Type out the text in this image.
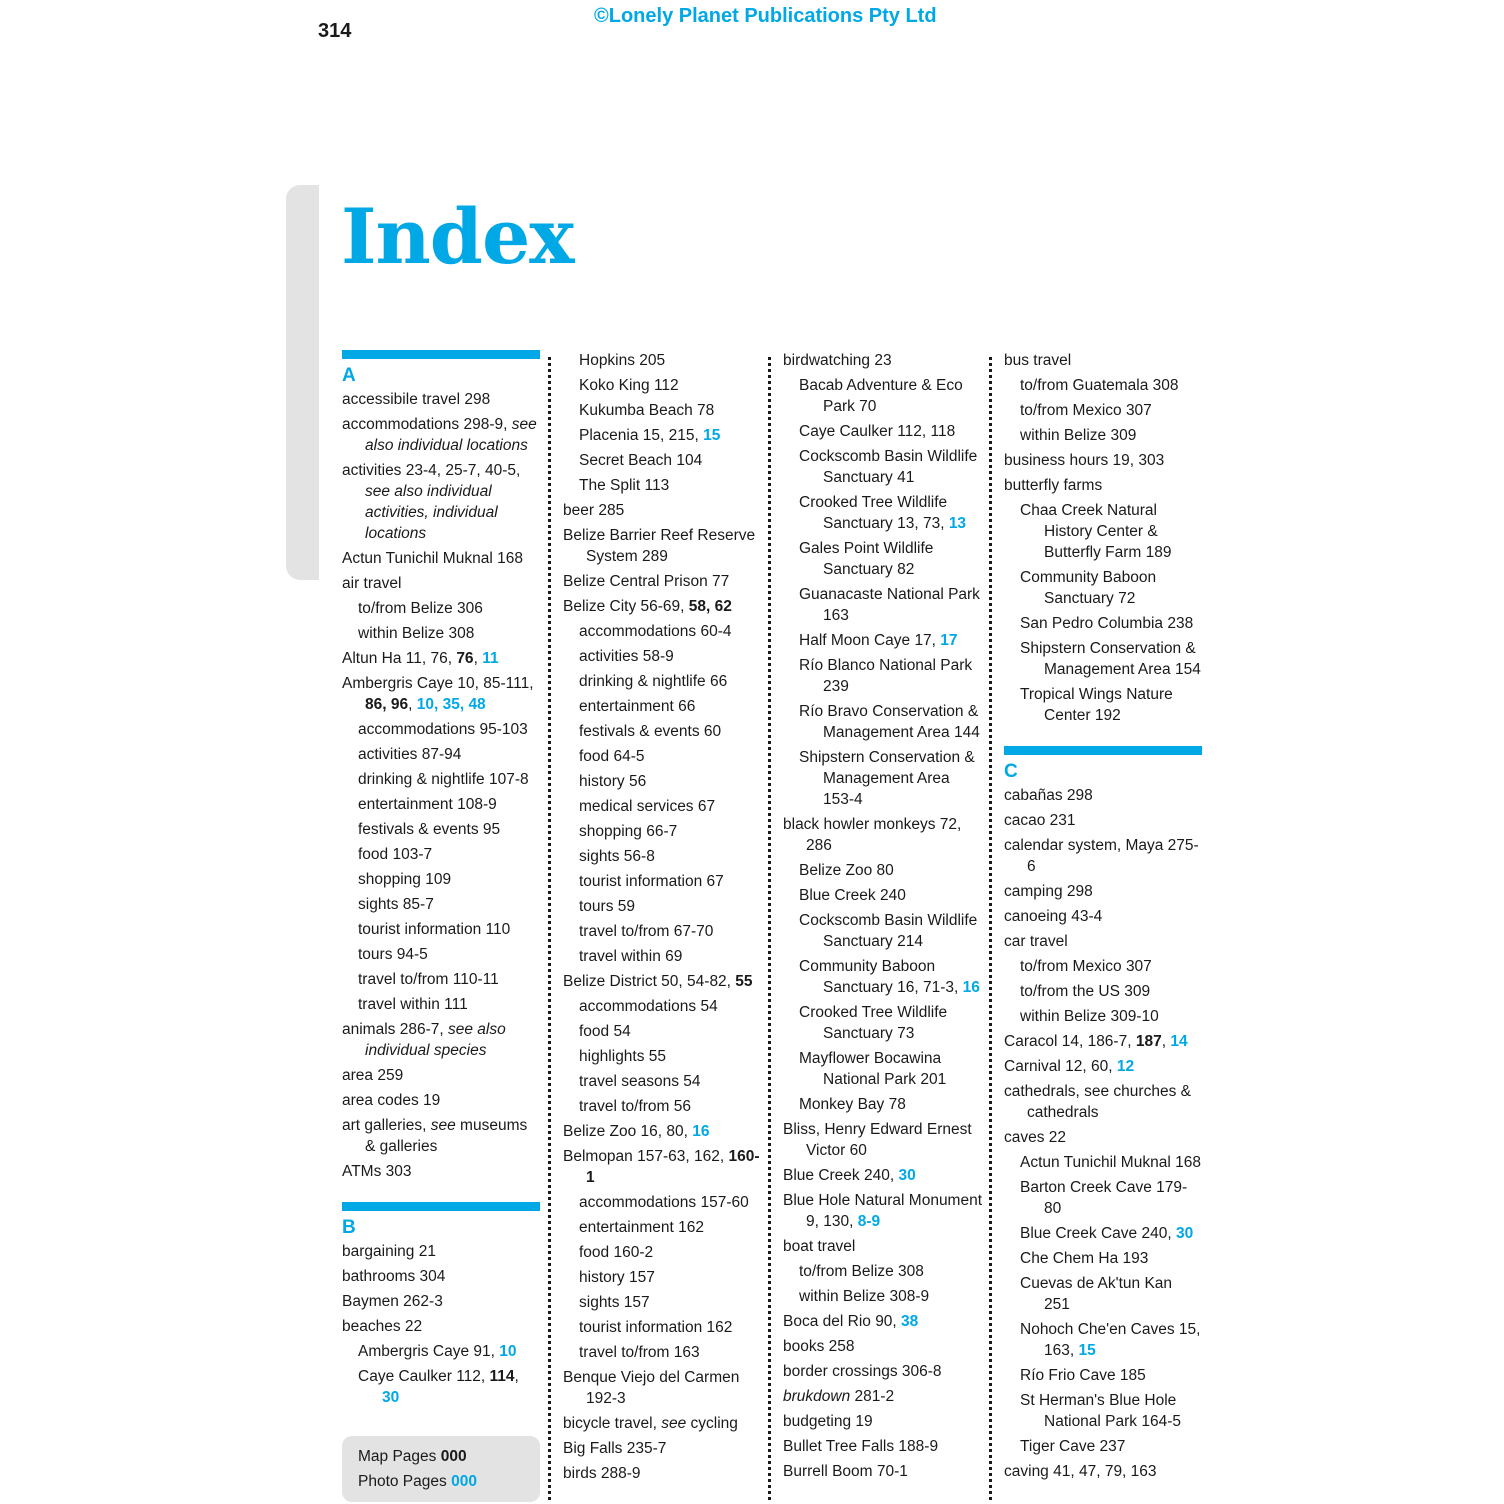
314
©Lonely Planet Publications Pty Ltd
Index
A
accessibile travel 298
accommodations 298-9, see also individual locations
activities 23-4, 25-7, 40-5, see also individual activities, individual locations
Actun Tunichil Muknal 168
air travel
to/from Belize 306
within Belize 308
Altun Ha 11, 76, 76, 11
Ambergris Caye 10, 85-111, 86, 96, 10, 35, 48
accommodations 95-103
activities 87-94
drinking & nightlife 107-8
entertainment 108-9
festivals & events 95
food 103-7
shopping 109
sights 85-7
tourist information 110
tours 94-5
travel to/from 110-11
travel within 111
animals 286-7, see also individual species
area 259
area codes 19
art galleries, see museums & galleries
ATMs 303
B
bargaining 21
bathrooms 304
Baymen 262-3
beaches 22
Ambergris Caye 91, 10
Caye Caulker 112, 114, 30
Map Pages 000
Photo Pages 000
Hopkins 205
Koko King 112
Kukumba Beach 78
Placenia 15, 215, 15
Secret Beach 104
The Split 113
beer 285
Belize Barrier Reef Reserve System 289
Belize Central Prison 77
Belize City 56-69, 58, 62
accommodations 60-4
activities 58-9
drinking & nightlife 66
entertainment 66
festivals & events 60
food 64-5
history 56
medical services 67
shopping 66-7
sights 56-8
tourist information 67
tours 59
travel to/from 67-70
travel within 69
Belize District 50, 54-82, 55
accommodations 54
food 54
highlights 55
travel seasons 54
travel to/from 56
Belize Zoo 16, 80, 16
Belmopan 157-63, 162, 160-1
accommodations 157-60
entertainment 162
food 160-2
history 157
sights 157
tourist information 162
travel to/from 163
Benque Viejo del Carmen 192-3
bicycle travel, see cycling
Big Falls 235-7
birds 288-9
birdwatching 23
Bacab Adventure & Eco Park 70
Caye Caulker 112, 118
Cockscomb Basin Wildlife Sanctuary 41
Crooked Tree Wildlife Sanctuary 13, 73, 13
Gales Point Wildlife Sanctuary 82
Guanacaste National Park 163
Half Moon Caye 17, 17
Río Blanco National Park 239
Río Bravo Conservation & Management Area 144
Shipstern Conservation & Management Area 153-4
black howler monkeys 72, 286
Belize Zoo 80
Blue Creek 240
Cockscomb Basin Wildlife Sanctuary 214
Community Baboon Sanctuary 16, 71-3, 16
Crooked Tree Wildlife Sanctuary 73
Mayflower Bocawina National Park 201
Monkey Bay 78
Bliss, Henry Edward Ernest Victor 60
Blue Creek 240, 30
Blue Hole Natural Monument 9, 130, 8-9
boat travel
to/from Belize 308
within Belize 308-9
Boca del Rio 90, 38
books 258
border crossings 306-8
brukdown 281-2
budgeting 19
Bullet Tree Falls 188-9
Burrell Boom 70-1
bus travel
to/from Guatemala 308
to/from Mexico 307
within Belize 309
business hours 19, 303
butterfly farms
Chaa Creek Natural History Center & Butterfly Farm 189
Community Baboon Sanctuary 72
San Pedro Columbia 238
Shipstern Conservation & Management Area 154
Tropical Wings Nature Center 192
C
cabañas 298
cacao 231
calendar system, Maya 275-6
camping 298
canoeing 43-4
car travel
to/from Mexico 307
to/from the US 309
within Belize 309-10
Caracol 14, 186-7, 187, 14
Carnival 12, 60, 12
cathedrals, see churches & cathedrals
caves 22
Actun Tunichil Muknal 168
Barton Creek Cave 179-80
Blue Creek Cave 240, 30
Che Chem Ha 193
Cuevas de Ak'tun Kan 251
Nohoch Che'en Caves 15, 163, 15
Río Frio Cave 185
St Herman's Blue Hole National Park 164-5
Tiger Cave 237
caving 41, 47, 79, 163
